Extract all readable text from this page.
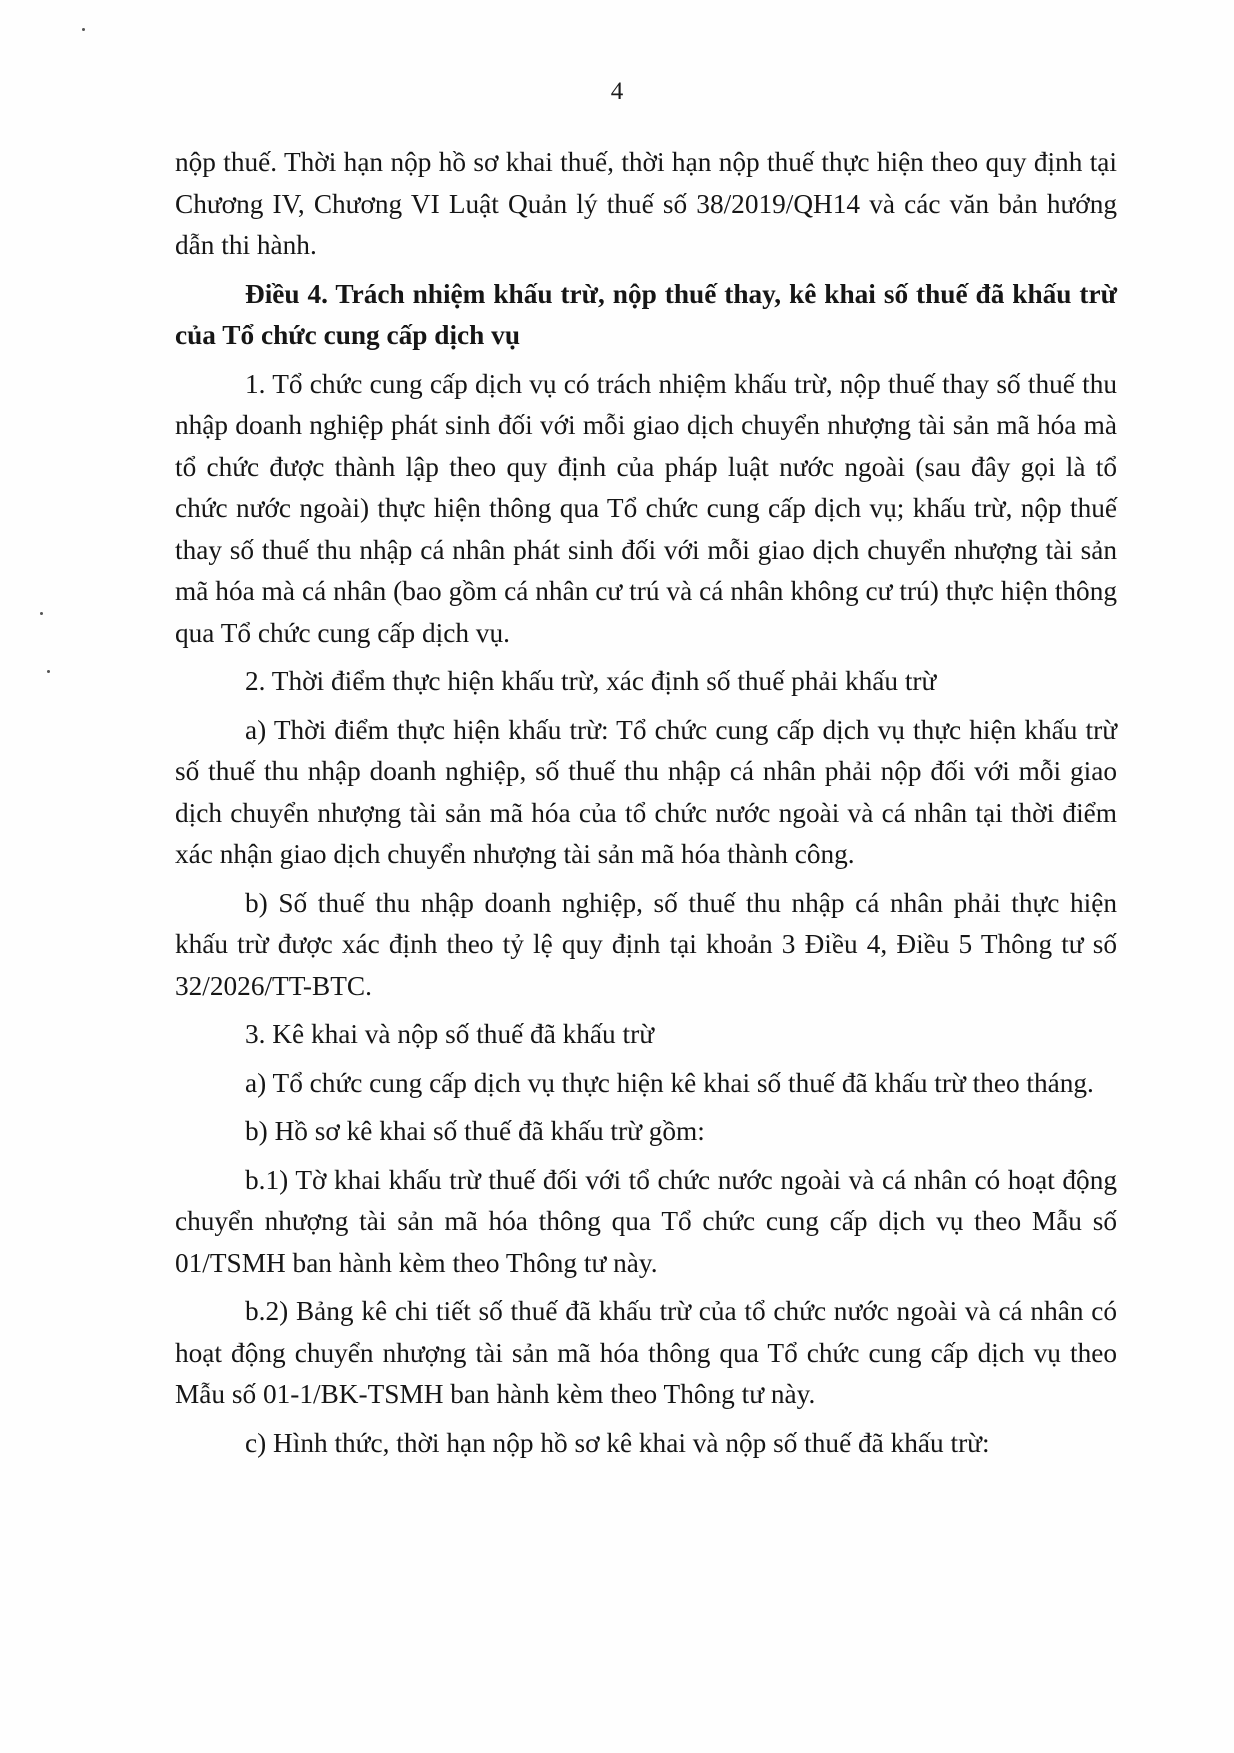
4

nộp thuế. Thời hạn nộp hồ sơ khai thuế, thời hạn nộp thuế thực hiện theo quy định tại Chương IV, Chương VI Luật Quản lý thuế số 38/2019/QH14 và các văn bản hướng dẫn thi hành.

Điều 4. Trách nhiệm khấu trừ, nộp thuế thay, kê khai số thuế đã khấu trừ của Tổ chức cung cấp dịch vụ

1. Tổ chức cung cấp dịch vụ có trách nhiệm khấu trừ, nộp thuế thay số thuế thu nhập doanh nghiệp phát sinh đối với mỗi giao dịch chuyển nhượng tài sản mã hóa mà tổ chức được thành lập theo quy định của pháp luật nước ngoài (sau đây gọi là tổ chức nước ngoài) thực hiện thông qua Tổ chức cung cấp dịch vụ; khấu trừ, nộp thuế thay số thuế thu nhập cá nhân phát sinh đối với mỗi giao dịch chuyển nhượng tài sản mã hóa mà cá nhân (bao gồm cá nhân cư trú và cá nhân không cư trú) thực hiện thông qua Tổ chức cung cấp dịch vụ.

2. Thời điểm thực hiện khấu trừ, xác định số thuế phải khấu trừ

a) Thời điểm thực hiện khấu trừ: Tổ chức cung cấp dịch vụ thực hiện khấu trừ số thuế thu nhập doanh nghiệp, số thuế thu nhập cá nhân phải nộp đối với mỗi giao dịch chuyển nhượng tài sản mã hóa của tổ chức nước ngoài và cá nhân tại thời điểm xác nhận giao dịch chuyển nhượng tài sản mã hóa thành công.

b) Số thuế thu nhập doanh nghiệp, số thuế thu nhập cá nhân phải thực hiện khấu trừ được xác định theo tỷ lệ quy định tại khoản 3 Điều 4, Điều 5 Thông tư số 32/2026/TT-BTC.

3. Kê khai và nộp số thuế đã khấu trừ

a) Tổ chức cung cấp dịch vụ thực hiện kê khai số thuế đã khấu trừ theo tháng.

b) Hồ sơ kê khai số thuế đã khấu trừ gồm:

b.1) Tờ khai khấu trừ thuế đối với tổ chức nước ngoài và cá nhân có hoạt động chuyển nhượng tài sản mã hóa thông qua Tổ chức cung cấp dịch vụ theo Mẫu số 01/TSMH ban hành kèm theo Thông tư này.

b.2) Bảng kê chi tiết số thuế đã khấu trừ của tổ chức nước ngoài và cá nhân có hoạt động chuyển nhượng tài sản mã hóa thông qua Tổ chức cung cấp dịch vụ theo Mẫu số 01-1/BK-TSMH ban hành kèm theo Thông tư này.

c) Hình thức, thời hạn nộp hồ sơ kê khai và nộp số thuế đã khấu trừ:
